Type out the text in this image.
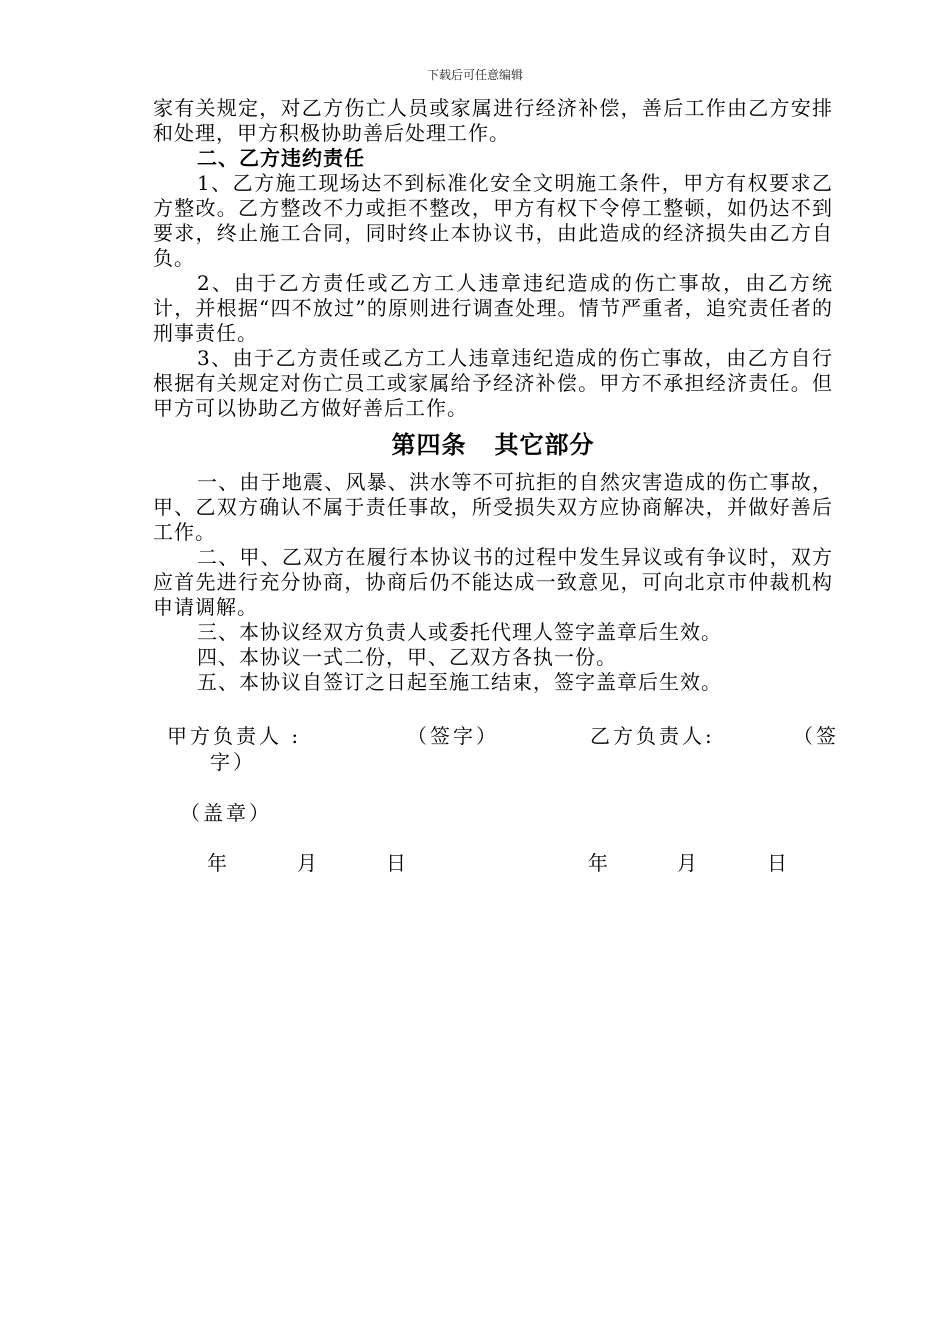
下载后可任意编辑

家有关规定，对乙方伤亡人员或家属进行经济补偿，善后工作由乙方安排和处理，甲方积极协助善后处理工作。

二、乙方违约责任

1、乙方施工现场达不到标准化安全文明施工条件，甲方有权要求乙方整改。乙方整改不力或拒不整改，甲方有权下令停工整顿，如仍达不到要求，终止施工合同，同时终止本协议书，由此造成的经济损失由乙方自负。

2、由于乙方责任或乙方工人违章违纪造成的伤亡事故，由乙方统计，并根据“四不放过”的原则进行调查处理。情节严重者，追究责任者的刑事责任。

3、由于乙方责任或乙方工人违章违纪造成的伤亡事故，由乙方自行根据有关规定对伤亡员工或家属给予经济补偿。甲方不承担经济责任。但甲方可以协助乙方做好善后工作。

第四条   其它部分

一、由于地震、风暴、洪水等不可抗拒的自然灾害造成的伤亡事故，甲、乙双方确认不属于责任事故，所受损失双方应协商解决，并做好善后工作。

二、甲、乙双方在履行本协议书的过程中发生异议或有争议时，双方应首先进行充分协商，协商后仍不能达成一致意见，可向北京市仲裁机构申请调解。

三、本协议经双方负责人或委托代理人签字盖章后生效。

四、本协议一式二份，甲、乙双方各执一份。

五、本协议自签订之日起至施工结束，签字盖章后生效。

甲方负责人 :	（签字）	乙方负责人:	（签
字）
（盖章）
年	月	日	年	月	日
